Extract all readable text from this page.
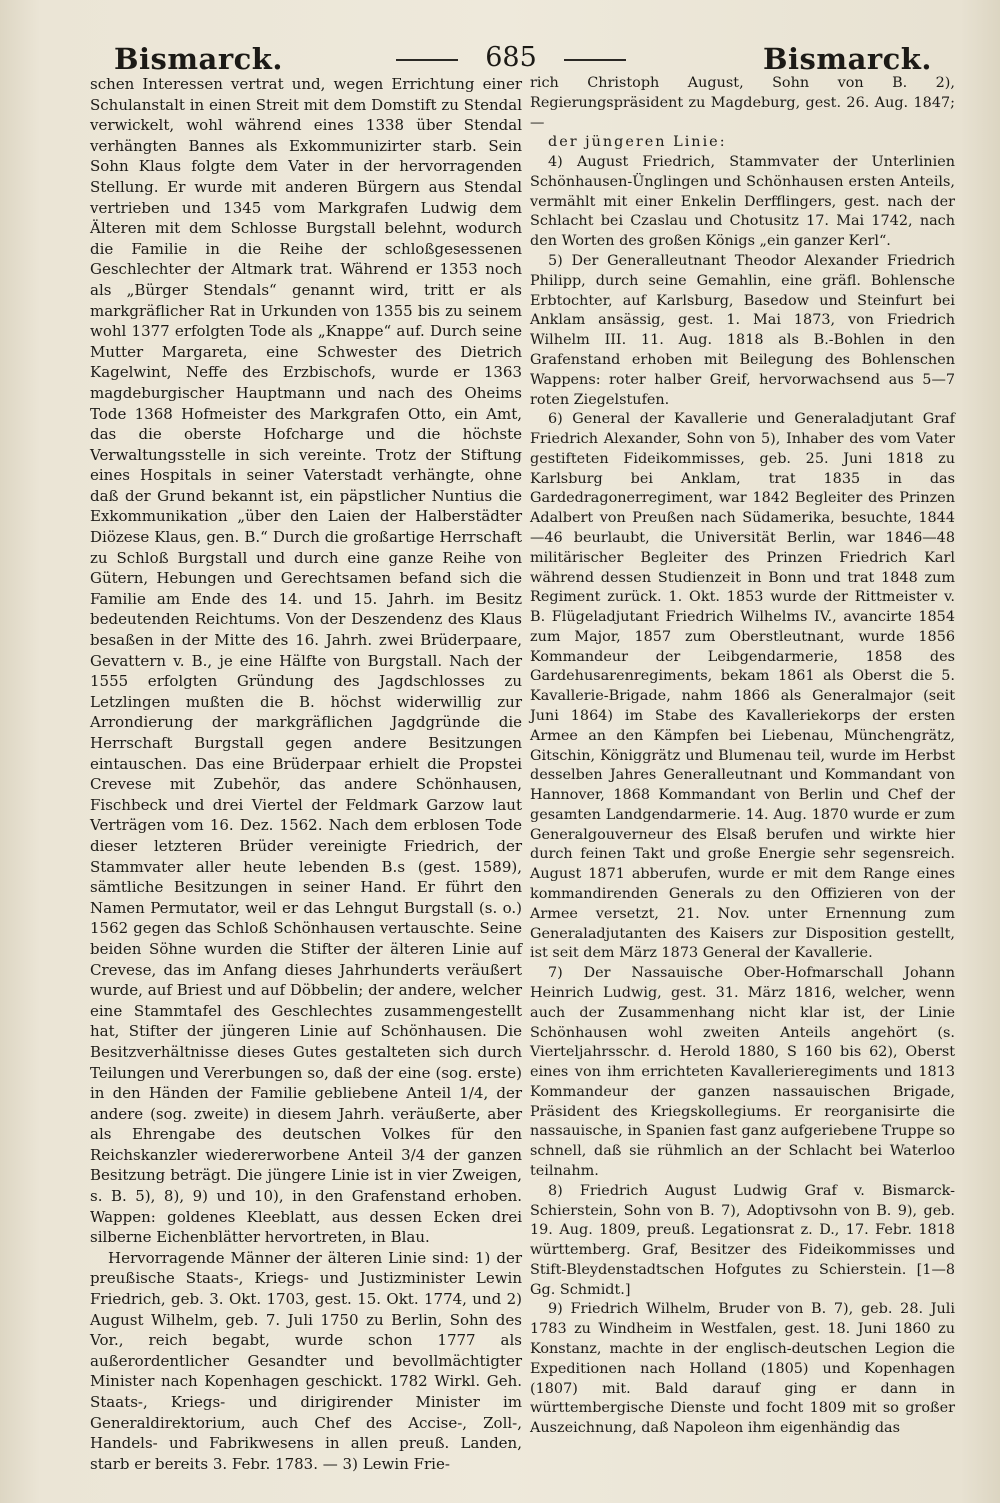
Bismarck.	685	Bismarck.

schen Interessen vertrat und, wegen Errichtung einer Schulanstalt in einen Streit mit dem Domstift zu Stendal verwickelt, wohl während eines 1338 über Stendal verhängten Bannes als Exkommunizirter starb. Sein Sohn Klaus folgte dem Vater in der hervorragenden Stellung. Er wurde mit anderen Bürgern aus Stendal vertrieben und 1345 vom Markgrafen Ludwig dem Älteren mit dem Schlosse Burgstall belehnt, wodurch die Familie in die Reihe der schloßgesessenen Geschlechter der Altmark trat. Während er 1353 noch als „Bürger Stendals“ genannt wird, tritt er als markgräflicher Rat in Urkunden von 1355 bis zu seinem wohl 1377 erfolgten Tode als „Knappe“ auf. Durch seine Mutter Margareta, eine Schwester des Dietrich Kagelwint, Neffe des Erzbischofs, wurde er 1363 magdeburgischer Hauptmann und nach des Oheims Tode 1368 Hofmeister des Markgrafen Otto, ein Amt, das die oberste Hofcharge und die höchste Verwaltungsstelle in sich vereinte. Trotz der Stiftung eines Hospitals in seiner Vaterstadt verhängte, ohne daß der Grund bekannt ist, ein päpstlicher Nuntius die Exkommunikation „über den Laien der Halberstädter Diözese Klaus, gen. B.“ Durch die großartige Herrschaft zu Schloß Burgstall und durch eine ganze Reihe von Gütern, Hebungen und Gerechtsamen befand sich die Familie am Ende des 14. und 15. Jahrh. im Besitz bedeutenden Reichtums. Von der Deszendenz des Klaus besaßen in der Mitte des 16. Jahrh. zwei Brüderpaare, Gevattern v. B., je eine Hälfte von Burgstall. Nach der 1555 erfolgten Gründung des Jagdschlosses zu Letzlingen mußten die B. höchst widerwillig zur Arrondierung der markgräflichen Jagdgründe die Herrschaft Burgstall gegen andere Besitzungen eintauschen. Das eine Brüderpaar erhielt die Propstei Crevese mit Zubehör, das andere Schönhausen, Fischbeck und drei Viertel der Feldmark Garzow laut Verträgen vom 16. Dez. 1562. Nach dem erblosen Tode dieser letzteren Brüder vereinigte Friedrich, der Stammvater aller heute lebenden B.s (gest. 1589), sämtliche Besitzungen in seiner Hand. Er führt den Namen Permutator, weil er das Lehngut Burgstall (s. o.) 1562 gegen das Schloß Schönhausen vertauschte. Seine beiden Söhne wurden die Stifter der älteren Linie auf Crevese, das im Anfang dieses Jahrhunderts veräußert wurde, auf Briest und auf Döbbelin; der andere, welcher eine Stammtafel des Geschlechtes zusammengestellt hat, Stifter der jüngeren Linie auf Schönhausen. Die Besitzverhältnisse dieses Gutes gestalteten sich durch Teilungen und Vererbungen so, daß der eine (sog. erste) in den Händen der Familie gebliebene Anteil 1/4, der andere (sog. zweite) in diesem Jahrh. veräußerte, aber als Ehrengabe des deutschen Volkes für den Reichskanzler wiedererworbene Anteil 3/4 der ganzen Besitzung beträgt. Die jüngere Linie ist in vier Zweigen, s. B. 5), 8), 9) und 10), in den Grafenstand erhoben. Wappen: goldenes Kleeblatt, aus dessen Ecken drei silberne Eichenblätter hervortreten, in Blau.

Hervorragende Männer der älteren Linie sind: 1) der preußische Staats-, Kriegs- und Justizminister Lewin Friedrich, geb. 3. Okt. 1703, gest. 15. Okt. 1774, und 2) August Wilhelm, geb. 7. Juli 1750 zu Berlin, Sohn des Vor., reich begabt, wurde schon 1777 als außerordentlicher Gesandter und bevollmächtigter Minister nach Kopenhagen geschickt. 1782 Wirkl. Geh. Staats-, Kriegs- und dirigirender Minister im Generaldirektorium, auch Chef des Accise-, Zoll-, Handels- und Fabrikwesens in allen preuß. Landen, starb er bereits 3. Febr. 1783. — 3) Lewin Frie-

rich Christoph August, Sohn von B. 2), Regierungspräsident zu Magdeburg, gest. 26. Aug. 1847; —

der jüngeren Linie:

4) August Friedrich, Stammvater der Unterlinien Schönhausen-Ünglingen und Schönhausen ersten Anteils, vermählt mit einer Enkelin Derfflingers, gest. nach der Schlacht bei Czaslau und Chotusitz 17. Mai 1742, nach den Worten des großen Königs „ein ganzer Kerl“.

5) Der Generalleutnant Theodor Alexander Friedrich Philipp, durch seine Gemahlin, eine gräfl. Bohlensche Erbtochter, auf Karlsburg, Basedow und Steinfurt bei Anklam ansässig, gest. 1. Mai 1873, von Friedrich Wilhelm III. 11. Aug. 1818 als B.-Bohlen in den Grafenstand erhoben mit Beilegung des Bohlenschen Wappens: roter halber Greif, hervorwachsend aus 5—7 roten Ziegelstufen.

6) General der Kavallerie und Generaladjutant Graf Friedrich Alexander, Sohn von 5), Inhaber des vom Vater gestifteten Fideikommisses, geb. 25. Juni 1818 zu Karlsburg bei Anklam, trat 1835 in das Gardedragonerregiment, war 1842 Begleiter des Prinzen Adalbert von Preußen nach Südamerika, besuchte, 1844—46 beurlaubt, die Universität Berlin, war 1846—48 militärischer Begleiter des Prinzen Friedrich Karl während dessen Studienzeit in Bonn und trat 1848 zum Regiment zurück. 1. Okt. 1853 wurde der Rittmeister v. B. Flügeladjutant Friedrich Wilhelms IV., avancirte 1854 zum Major, 1857 zum Oberstleutnant, wurde 1856 Kommandeur der Leibgendarmerie, 1858 des Gardehusarenregiments, bekam 1861 als Oberst die 5. Kavallerie-Brigade, nahm 1866 als Generalmajor (seit Juni 1864) im Stabe des Kavalleriekorps der ersten Armee an den Kämpfen bei Liebenau, Münchengrätz, Gitschin, Königgrätz und Blumenau teil, wurde im Herbst desselben Jahres Generalleutnant und Kommandant von Hannover, 1868 Kommandant von Berlin und Chef der gesamten Landgendarmerie. 14. Aug. 1870 wurde er zum Generalgouverneur des Elsaß berufen und wirkte hier durch feinen Takt und große Energie sehr segensreich. August 1871 abberufen, wurde er mit dem Range eines kommandirenden Generals zu den Offizieren von der Armee versetzt, 21. Nov. unter Ernennung zum Generaladjutanten des Kaisers zur Disposition gestellt, ist seit dem März 1873 General der Kavallerie.

7) Der Nassauische Ober-Hofmarschall Johann Heinrich Ludwig, gest. 31. März 1816, welcher, wenn auch der Zusammenhang nicht klar ist, der Linie Schönhausen wohl zweiten Anteils angehört (s. Vierteljahrsschr. d. Herold 1880, S 160 bis 62), Oberst eines von ihm errichteten Kavallerieregiments und 1813 Kommandeur der ganzen nassauischen Brigade, Präsident des Kriegskollegiums. Er reorganisirte die nassauische, in Spanien fast ganz aufgeriebene Truppe so schnell, daß sie rühmlich an der Schlacht bei Waterloo teilnahm.

8) Friedrich August Ludwig Graf v. Bismarck-Schierstein, Sohn von B. 7), Adoptivsohn von B. 9), geb. 19. Aug. 1809, preuß. Legationsrat z. D., 17. Febr. 1818 württemberg. Graf, Besitzer des Fideikommisses und Stift-Bleydenstadtschen Hofgutes zu Schierstein. [1—8 Gg. Schmidt.]

9) Friedrich Wilhelm, Bruder von B. 7), geb. 28. Juli 1783 zu Windheim in Westfalen, gest. 18. Juni 1860 zu Konstanz, machte in der englisch-deutschen Legion die Expeditionen nach Holland (1805) und Kopenhagen (1807) mit. Bald darauf ging er dann in württembergische Dienste und focht 1809 mit so großer Auszeichnung, daß Napoleon ihm eigenhändig das
